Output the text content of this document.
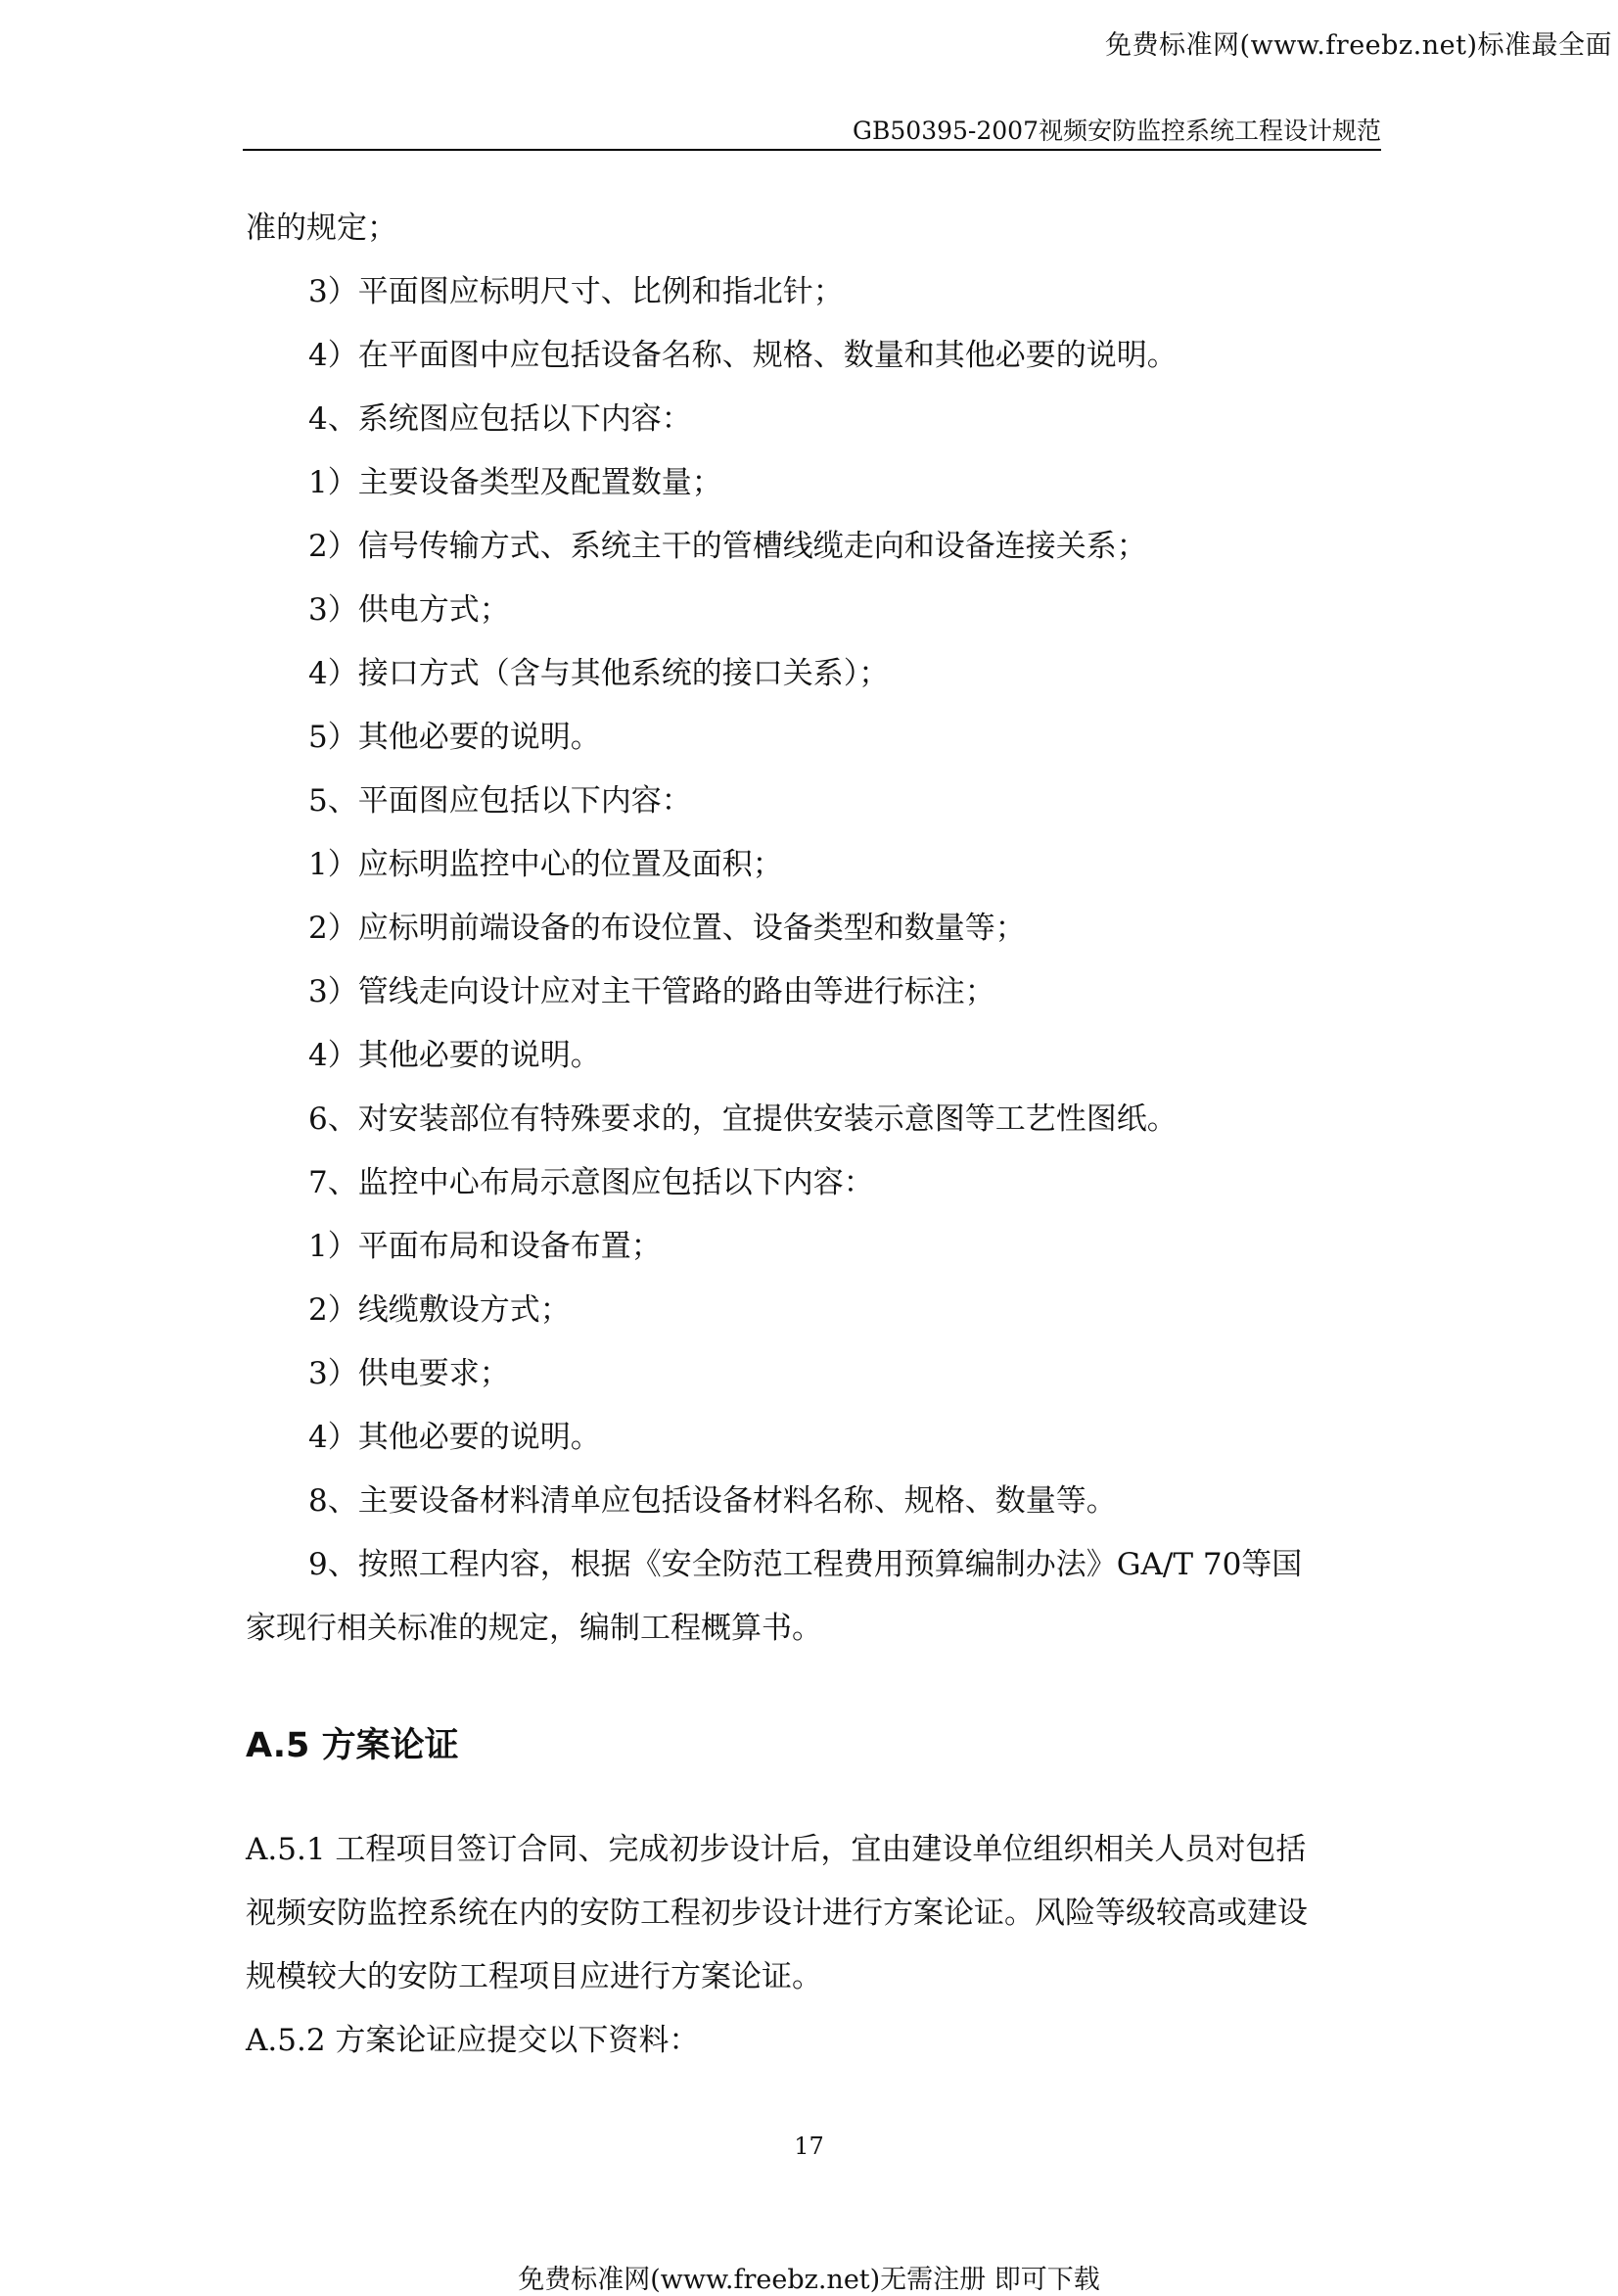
免费标准网(www.freebz.net)标准最全面
GB50395-2007视频安防监控系统工程设计规范
准的规定；
3）平面图应标明尺寸、比例和指北针；
4）在平面图中应包括设备名称、规格、数量和其他必要的说明。
4、系统图应包括以下内容：
1）主要设备类型及配置数量；
2）信号传输方式、系统主干的管槽线缆走向和设备连接关系；
3）供电方式；
4）接口方式（含与其他系统的接口关系）；
5）其他必要的说明。
5、平面图应包括以下内容：
1）应标明监控中心的位置及面积；
2）应标明前端设备的布设位置、设备类型和数量等；
3）管线走向设计应对主干管路的路由等进行标注；
4）其他必要的说明。
6、对安装部位有特殊要求的，宜提供安装示意图等工艺性图纸。
7、监控中心布局示意图应包括以下内容：
1）平面布局和设备布置；
2）线缆敷设方式；
3）供电要求；
4）其他必要的说明。
8、主要设备材料清单应包括设备材料名称、规格、数量等。
9、按照工程内容，根据《安全防范工程费用预算编制办法》GA/T 70等国
家现行相关标准的规定，编制工程概算书。
A.5.1 工程项目签订合同、完成初步设计后，宜由建设单位组织相关人员对包括
视频安防监控系统在内的安防工程初步设计进行方案论证。风险等级较高或建设
规模较大的安防工程项目应进行方案论证。
A.5.2 方案论证应提交以下资料：
A.5 方案论证
17
免费标准网(www.freebz.net)无需注册 即可下载
